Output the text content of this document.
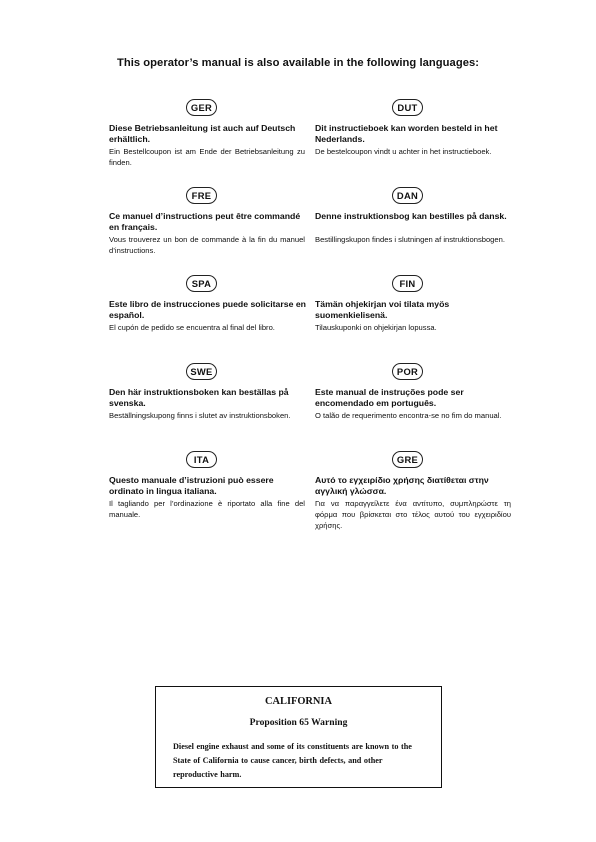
This operator’s manual is also available in the following languages:
GER
Diese Betriebsanleitung ist auch auf Deutsch erhältlich.
Ein Bestellcoupon ist am Ende der Betriebsanleitung zu finden.
FRE
Ce manuel d’instructions peut être commandé en français.
Vous trouverez un bon de commande à la fin du manuel d’instructions.
SPA
Este libro de instrucciones puede solicitarse en español.
El cupón de pedido se encuentra al final del libro.
SWE
Den här instruktionsboken kan beställas på svenska.
Beställningskupong finns i slutet av instruktionsboken.
ITA
Questo manuale d’istruzioni può essere ordinato in lingua italiana.
Il tagliando per l’ordinazione è riportato alla fine del manuale.
DUT
Dit instructieboek kan worden besteld in het Nederlands.
De bestelcoupon vindt u achter in het instructieboek.
DAN
Denne instruktionsbog kan bestilles på dansk.
Bestillingskupon findes i slutningen af instruktionsbogen.
FIN
Tämän ohjekirjan voi tilata myös suomenkielisenä.
Tilauskuponki on ohjekirjan lopussa.
POR
Este manual de instruções pode ser encomendado em português.
O talão de requerimento encontra-se no fim do manual.
GRE
Αυτό το εγχειρίδιο χρήσης διατίθεται στην αγγλική γλώσσα.
Για να παραγγείλετε ένα αντίτυπο, συμπληρώστε τη φόρμα που βρίσκεται στο τέλος αυτού του εγχειριδίου χρήσης.
CALIFORNIA
Proposition 65 Warning
Diesel engine exhaust and some of its constituents are known to the State of California to cause cancer, birth defects, and other reproductive harm.
